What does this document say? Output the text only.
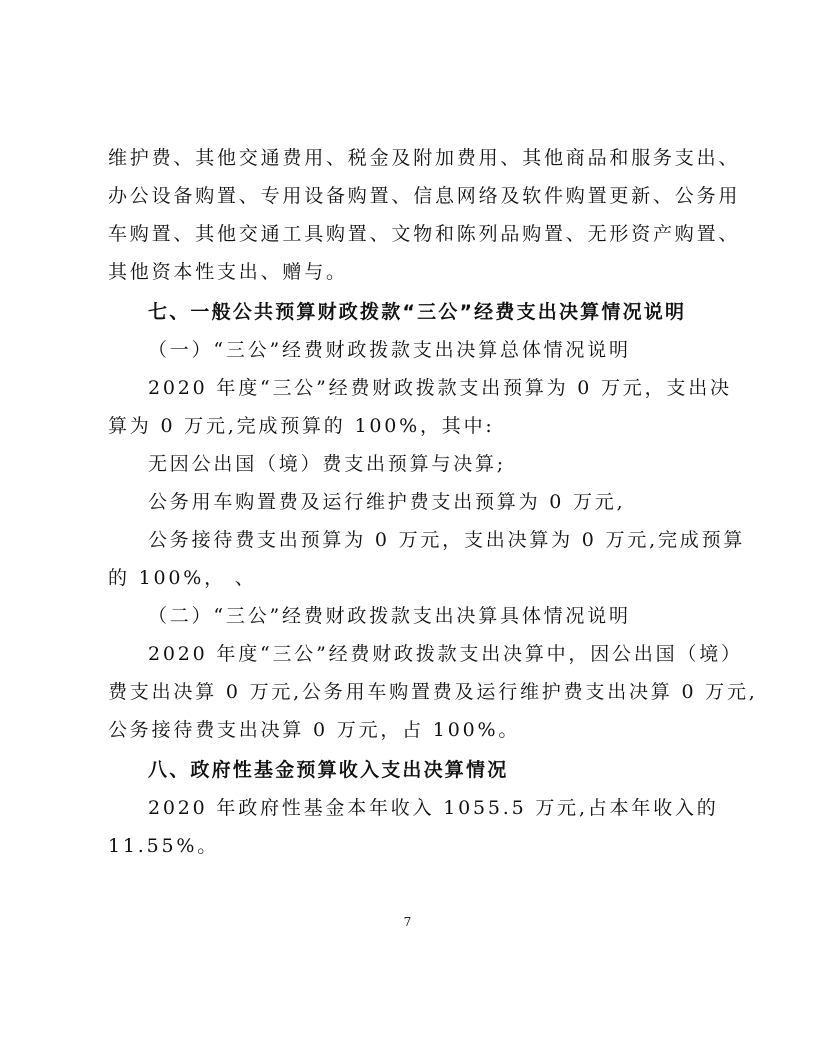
维护费、其他交通费用、税金及附加费用、其他商品和服务支出、
办公设备购置、专用设备购置、信息网络及软件购置更新、公务用
车购置、其他交通工具购置、文物和陈列品购置、无形资产购置、
其他资本性支出、赠与。
七、一般公共预算财政拨款“三公”经费支出决算情况说明
（一）“三公”经费财政拨款支出决算总体情况说明
2020 年度“三公”经费财政拨款支出预算为 0 万元，支出决
算为 0 万元,完成预算的 100%，其中:
无因公出国（境）费支出预算与决算;
公务用车购置费及运行维护费支出预算为 0 万元,
公务接待费支出预算为 0 万元，支出决算为 0 万元,完成预算
的 100%， 、
（二）“三公”经费财政拨款支出决算具体情况说明
2020 年度“三公”经费财政拨款支出决算中，因公出国（境）
费支出决算 0 万元,公务用车购置费及运行维护费支出决算 0 万元,
公务接待费支出决算 0 万元，占 100%。
八、政府性基金预算收入支出决算情况
2020 年政府性基金本年收入 1055.5 万元,占本年收入的
11.55%。
7
